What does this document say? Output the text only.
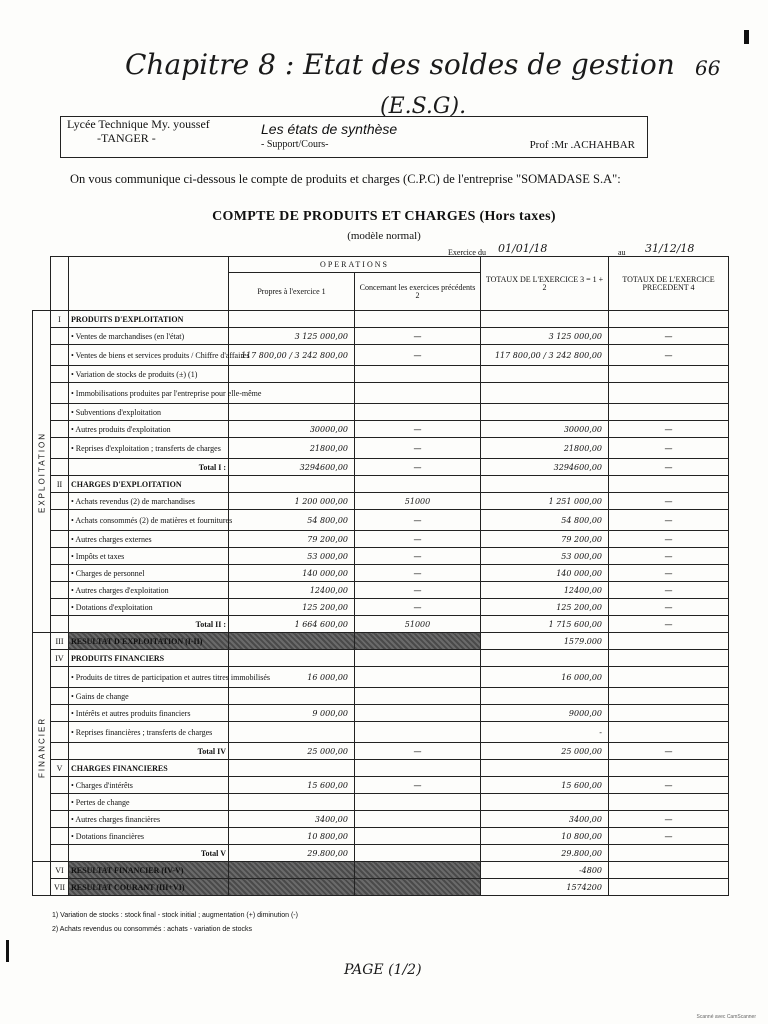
Chapitre 8 : Etat des soldes de gestion 66
(E.S.G).
Lycée Technique My. youssef
-TANGER -
Les états de synthèse
- Support/Cours-	Prof :Mr .ACHAHBAR
On vous communique ci-dessous le compte de produits et charges (C.P.C) de l'entreprise "SOMADASE S.A":
COMPTE DE PRODUITS ET CHARGES (Hors taxes)
(modèle normal)
Exercice du 01/01/18	au 31/12/18
			OPERATIONS		TOTAUX DE L'EXERCICE 3 = 1 + 2	TOTAUX DE L'EXERCICE PRECEDENT 4
			Propres à l'exercice 1	Concernant les exercices précédents 2		
EXPLOITATION	I	PRODUITS D'EXPLOITATION				
		• Ventes de marchandises (en l'état)	3 125 000,00	—	3 125 000,00	—
		• Ventes de biens et services produits / Chiffre d'affaires	117 800,00 / 3 242 800,00	—	117 800,00 / 3 242 800,00	—
		• Variation de stocks de produits (±) (1)				
		• Immobilisations produites par l'entreprise pour elle-même				
		• Subventions d'exploitation				
		• Autres produits d'exploitation	30000,00	—	30000,00	—
		• Reprises d'exploitation ; transferts de charges	21800,00	—	21800,00	—
		Total I :	3294600,00	—	3294600,00	—
	II	CHARGES D'EXPLOITATION				
		• Achats revendus (2) de marchandises	1 200 000,00	51000	1 251 000,00	—
		• Achats consommés (2) de matières et fournitures	54 800,00	—	54 800,00	—
		• Autres charges externes	79 200,00	—	79 200,00	—
		• Impôts et taxes	53 000,00	—	53 000,00	—
		• Charges de personnel	140 000,00	—	140 000,00	—
		• Autres charges d'exploitation	12400,00	—	12400,00	—
		• Dotations d'exploitation	125 200,00	—	125 200,00	—
		Total II :	1 664 600,00	51000	1 715 600,00	—
FINANCIER	III	RESULTAT D'EXPLOITATION (I-II)			1579.000	
	IV	PRODUITS FINANCIERS				
		• Produits de titres de participation et autres titres immobilisés	16 000,00		16 000,00	
		• Gains de change				
		• Intérêts et autres produits financiers	9 000,00		9000,00	
		• Reprises financières ; transferts de charges			-	
		Total IV	25 000,00	—	25 000,00	—
	V	CHARGES FINANCIERES				
		• Charges d'intérêts	15 600,00	—	15 600,00	—
		• Pertes de change				
		• Autres charges financières	3400,00		3400,00	—
		• Dotations financières	10 800,00		10 800,00	—
		Total V	29.800,00		29.800,00	
	VI	RESULTAT FINANCIER (IV-V)			-4800	
	VII	RESULTAT COURANT (III+VI)			1574200	
1) Variation de stocks : stock final - stock initial ; augmentation (+) diminution (-)
2) Achats revendus ou consommés : achats - variation de stocks
PAGE (1/2)
Scanné avec CamScanner
